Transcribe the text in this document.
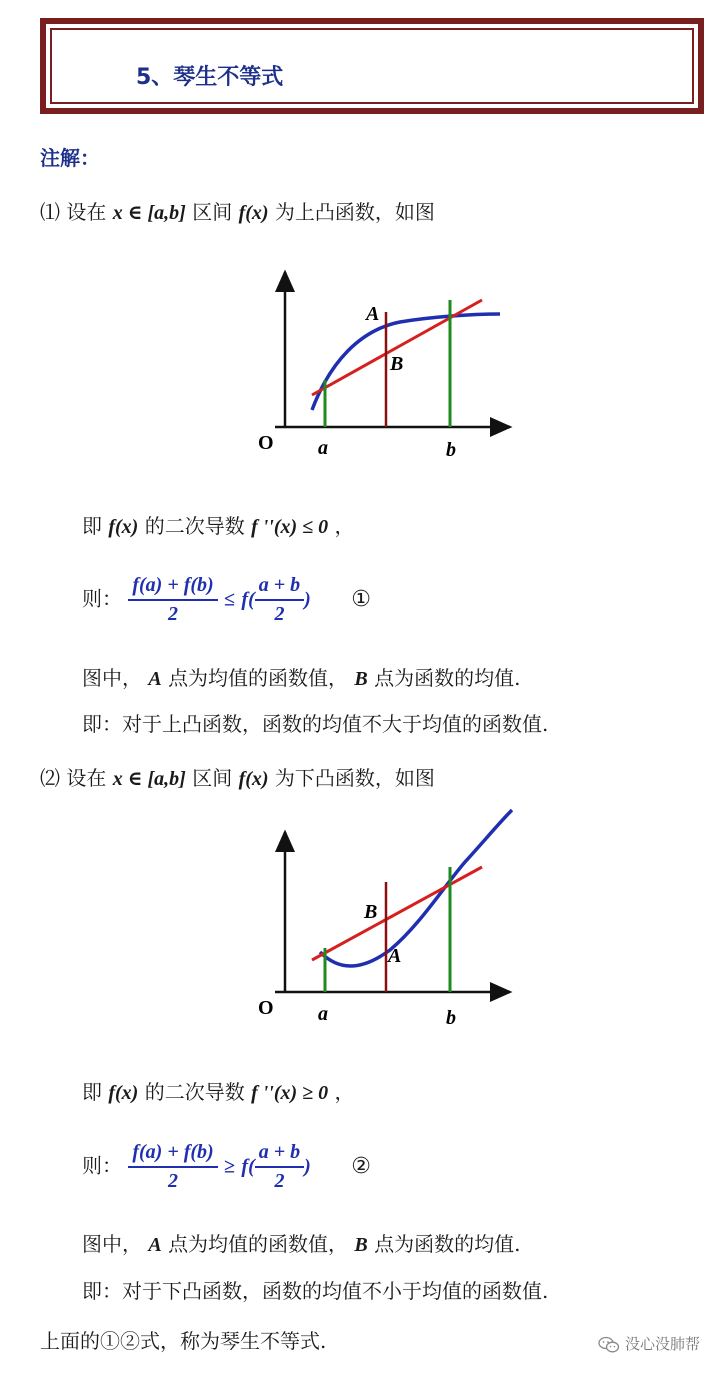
5、琴生不等式
注解：
⑴ 设在 x ∈ [a,b] 区间 f(x) 为上凸函数，如图
O a	b
A
B
即 f(x) 的二次导数 f ''(x) ≤ 0 ，
则： $\frac{f(a) + f(b)}{2} \le f( \frac{a + b}{2}$ ) ①
图中， A 点为均值的函数值， B 点为函数的均值.
即：对于上凸函数，函数的均值不大于均值的函数值.
⑵ 设在 x ∈ [a,b] 区间 f(x) 为下凸函数，如图
O a	b
A
B
即 f(x) 的二次导数 f ''(x) ≥ 0 ，
则： $\frac{f(a) + f(b)}{2} \ge f( \frac{a + b}{2}$ ) ②
图中， A 点为均值的函数值， B 点为函数的均值.
即：对于下凸函数，函数的均值不小于均值的函数值.
上面的①②式，称为琴生不等式.	没心没肺帮
